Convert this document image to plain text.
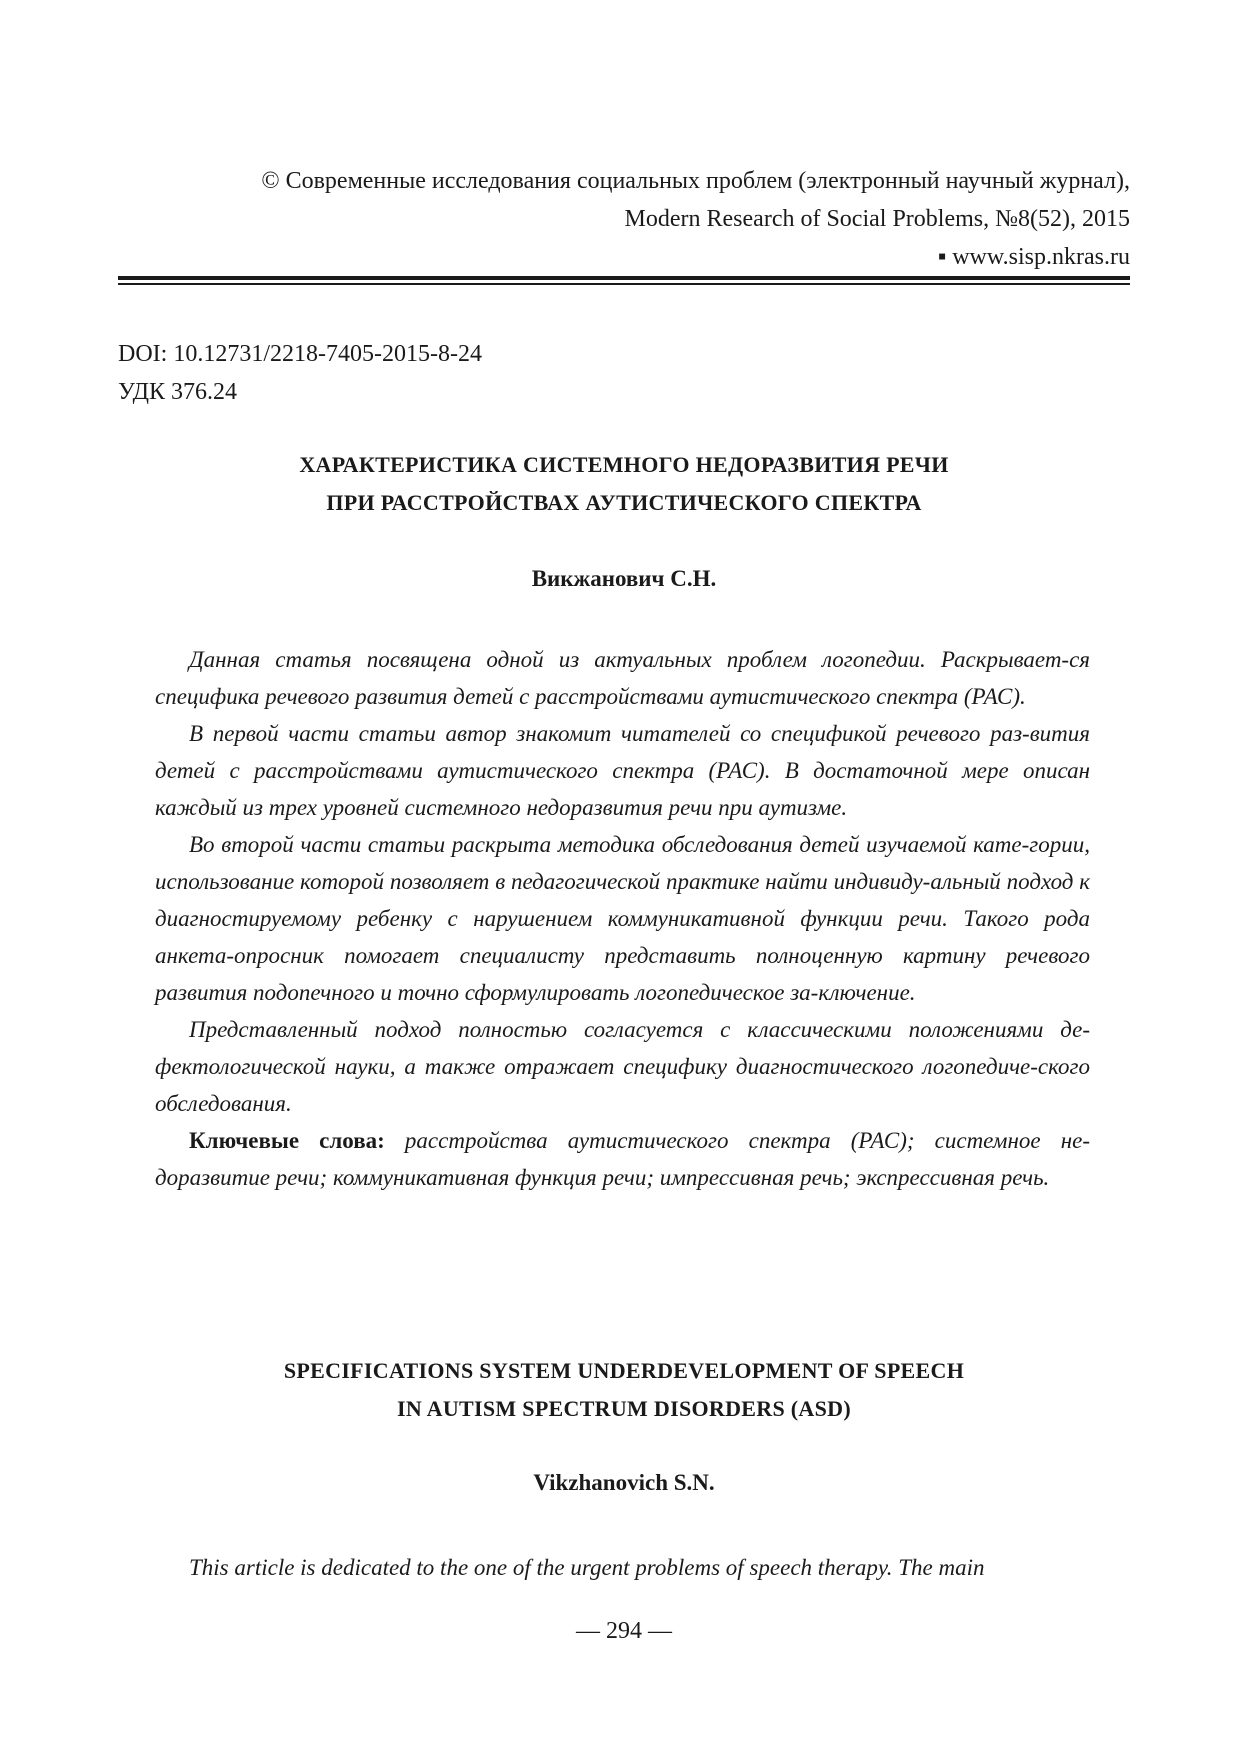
© Современные исследования социальных проблем (электронный научный журнал),
Modern Research of Social Problems, №8(52), 2015
▪ www.sisp.nkras.ru
DOI: 10.12731/2218-7405-2015-8-24
УДК 376.24
ХАРАКТЕРИСТИКА СИСТЕМНОГО НЕДОРАЗВИТИЯ РЕЧИ
ПРИ РАССТРОЙСТВАХ АУТИСТИЧЕСКОГО СПЕКТРА
Викжанович С.Н.

Данная статья посвящена одной из актуальных проблем логопедии. Раскрывает-ся специфика речевого развития детей с расстройствами аутистического спектра (РАС).

В первой части статьи автор знакомит читателей со спецификой речевого раз-вития детей с расстройствами аутистического спектра (РАС). В достаточной мере описан каждый из трех уровней системного недоразвития речи при аутизме.

Во второй части статьи раскрыта методика обследования детей изучаемой кате-гории, использование которой позволяет в педагогической практике найти индивиду-альный подход к диагностируемому ребенку с нарушением коммуникативной функции речи. Такого рода анкета-опросник помогает специалисту представить полноценную картину речевого развития подопечного и точно сформулировать логопедическое за-ключение.

Представленный подход полностью согласуется с классическими положениями де-фектологической науки, а также отражает специфику диагностического логопедиче-ского обследования.

Ключевые слова: расстройства аутистического спектра (РАС); системное не-доразвитие речи; коммуникативная функция речи; импрессивная речь; экспрессивная речь.

SPECIFICATIONS SYSTEM UNDERDEVELOPMENT OF SPEECH
IN AUTISM SPECTRUM DISORDERS (ASD)
Vikzhanovich S.N.

This article is dedicated to the one of the urgent problems of speech therapy. The main

— 294 —
